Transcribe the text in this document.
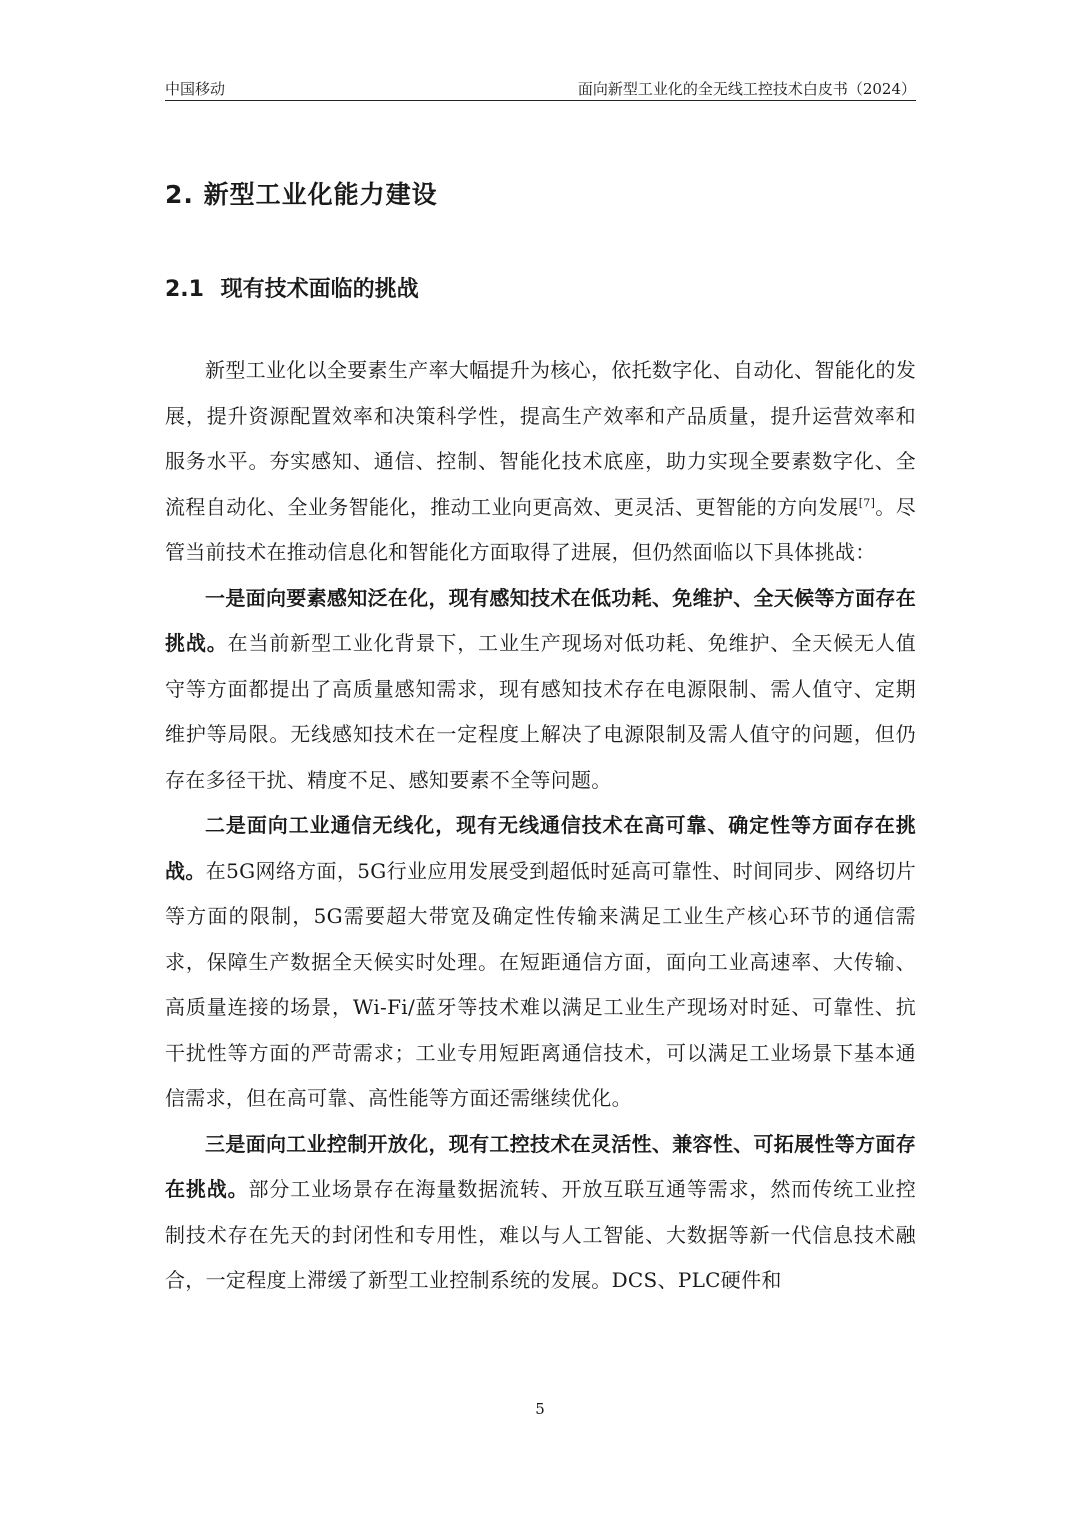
中国移动	面向新型工业化的全无线工控技术白皮书（2024）
2. 新型工业化能力建设
2.1 现有技术面临的挑战

新型工业化以全要素生产率大幅提升为核心，依托数字化、自动化、智能化的发展，提升资源配置效率和决策科学性，提高生产效率和产品质量，提升运营效率和服务水平。夯实感知、通信、控制、智能化技术底座，助力实现全要素数字化、全流程自动化、全业务智能化，推动工业向更高效、更灵活、更智能的方向发展[7]。尽管当前技术在推动信息化和智能化方面取得了进展，但仍然面临以下具体挑战：

一是面向要素感知泛在化，现有感知技术在低功耗、免维护、全天候等方面存在挑战。在当前新型工业化背景下，工业生产现场对低功耗、免维护、全天候无人值守等方面都提出了高质量感知需求，现有感知技术存在电源限制、需人值守、定期维护等局限。无线感知技术在一定程度上解决了电源限制及需人值守的问题，但仍存在多径干扰、精度不足、感知要素不全等问题。

二是面向工业通信无线化，现有无线通信技术在高可靠、确定性等方面存在挑战。在5G网络方面，5G行业应用发展受到超低时延高可靠性、时间同步、网络切片等方面的限制，5G需要超大带宽及确定性传输来满足工业生产核心环节的通信需求，保障生产数据全天候实时处理。在短距通信方面，面向工业高速率、大传输、高质量连接的场景，Wi-Fi/蓝牙等技术难以满足工业生产现场对时延、可靠性、抗干扰性等方面的严苛需求；工业专用短距离通信技术，可以满足工业场景下基本通信需求，但在高可靠、高性能等方面还需继续优化。

三是面向工业控制开放化，现有工控技术在灵活性、兼容性、可拓展性等方面存在挑战。部分工业场景存在海量数据流转、开放互联互通等需求，然而传统工业控制技术存在先天的封闭性和专用性，难以与人工智能、大数据等新一代信息技术融合，一定程度上滞缓了新型工业控制系统的发展。DCS、PLC硬件和

5
